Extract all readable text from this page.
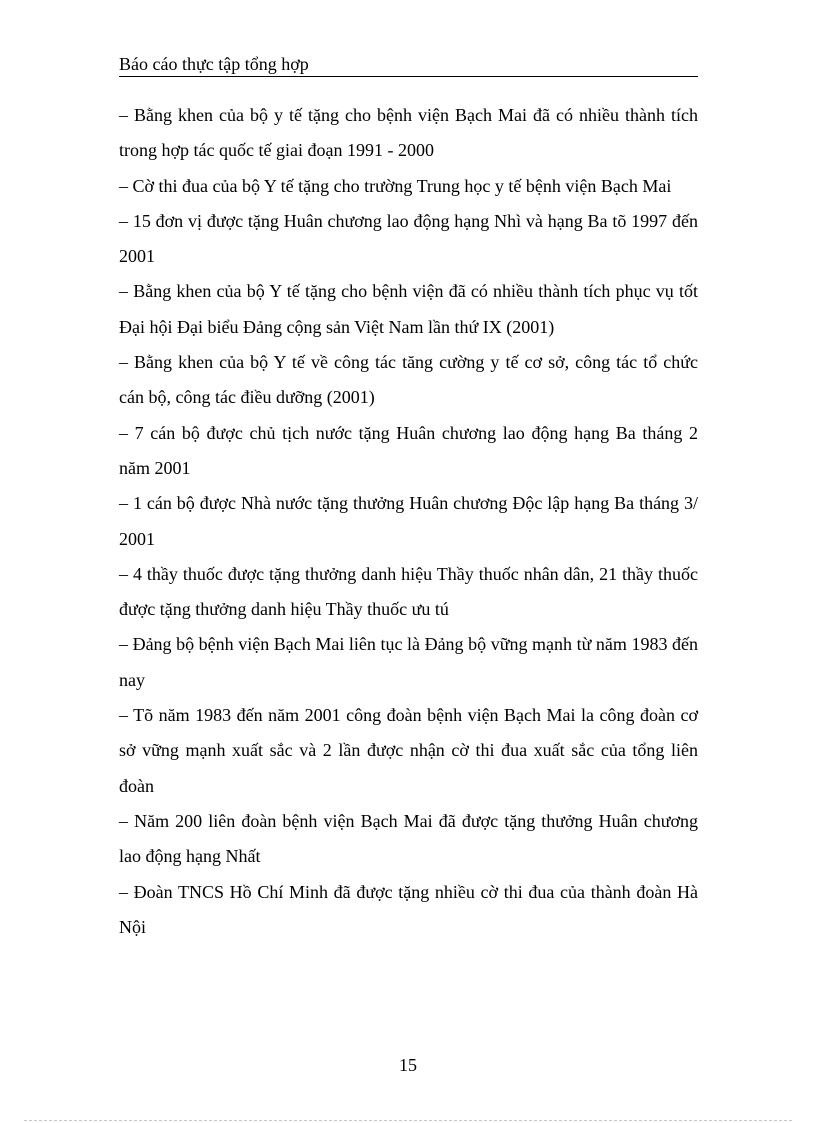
Báo cáo thực tập tổng hợp

– Bằng khen của bộ y tế tặng cho bệnh viện Bạch Mai đã có nhiều thành tích trong hợp tác quốc tế giai đoạn 1991 - 2000

– Cờ thi đua của bộ Y tế tặng cho trường Trung học y tế bệnh viện Bạch Mai

– 15 đơn vị được tặng Huân chương lao động hạng Nhì và hạng Ba tõ 1997 đến 2001

– Bằng khen của bộ Y tế tặng cho bệnh viện đã có nhiều thành tích phục vụ tốt Đại hội Đại biểu Đảng cộng sản Việt Nam lần thứ IX (2001)

– Bằng khen của bộ Y tế về công tác tăng cường y tế cơ sở, công tác tổ chức cán bộ, công tác điều dưỡng (2001)

– 7 cán bộ được chủ tịch nước tặng Huân chương lao động hạng Ba tháng 2 năm 2001

– 1 cán bộ được Nhà nước tặng thưởng Huân chương Độc lập hạng Ba tháng 3/ 2001

– 4 thầy thuốc được tặng thưởng danh hiệu Thầy thuốc nhân dân, 21 thầy thuốc được tặng thưởng danh hiệu Thầy thuốc ưu tú

– Đảng bộ bệnh viện Bạch Mai liên tục là Đảng bộ vững mạnh từ năm 1983 đến nay

– Tõ năm 1983 đến năm 2001 công đoàn bệnh viện Bạch Mai la công đoàn cơ sở vững mạnh xuất sắc và 2 lần được nhận cờ thi đua xuất sắc của tổng liên đoàn

– Năm 200 liên đoàn bệnh viện Bạch Mai đã được tặng thưởng Huân chương lao động hạng Nhất

– Đoàn TNCS Hồ Chí Minh đã được tặng nhiều cờ thi đua của thành đoàn Hà Nội

15
